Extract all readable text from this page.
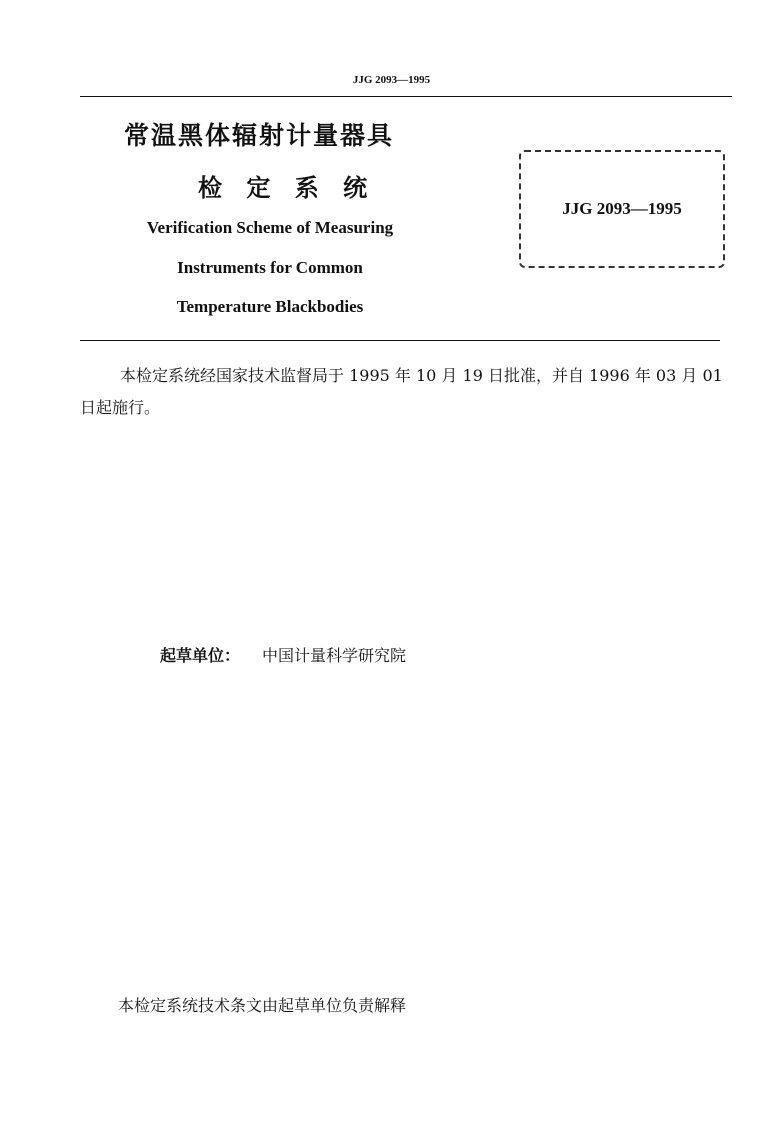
JJG 2093—1995
常温黑体辐射计量器具
检 定 系 统
Verification Scheme of Measuring
Instruments for Common
Temperature Blackbodies
JJG 2093—1995
本检定系统经国家技术监督局于 1995 年 10 月 19 日批准，并自 1996 年 03 月 01 日起施行。
起草单位： 中国计量科学研究院
本检定系统技术条文由起草单位负责解释
